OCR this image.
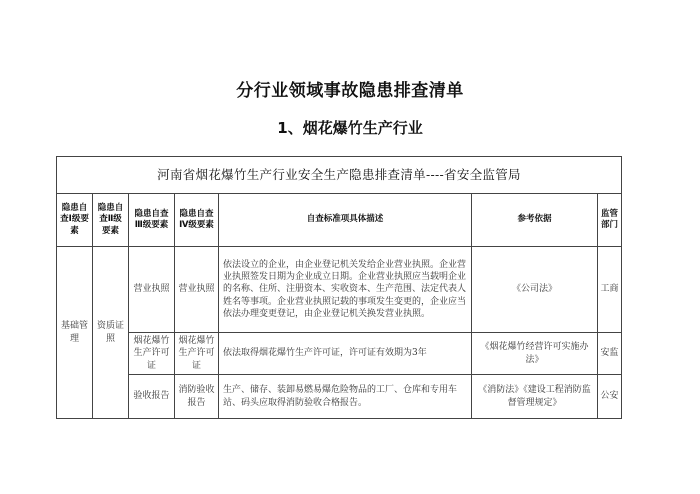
分行业领域事故隐患排查清单
1、烟花爆竹生产行业
河南省烟花爆竹生产行业安全生产隐患排查清单----省安全监管局						
隐患自查Ⅰ级要素	隐患自查Ⅱ级要素	隐患自查Ⅲ级要素	隐患自查Ⅳ级要素	自查标准项具体描述	参考依据	监管部门
基础管理	资质证照	营业执照	营业执照	依法设立的企业，由企业登记机关发给企业营业执照。企业营业执照签发日期为企业成立日期。企业营业执照应当载明企业的名称、住所、注册资本、实收资本、生产范围、法定代表人姓名等事项。企业营业执照记载的事项发生变更的，企业应当依法办理变更登记，由企业登记机关换发营业执照。	《公司法》	工商
		烟花爆竹生产许可证	烟花爆竹生产许可证	依法取得烟花爆竹生产许可证，许可证有效期为3年	《烟花爆竹经营许可实施办法》	安监
		验收报告	消防验收报告	生产、储存、装卸易燃易爆危险物品的工厂、仓库和专用车站、码头应取得消防验收合格报告。	《消防法》《建设工程消防监督管理规定》	公安
